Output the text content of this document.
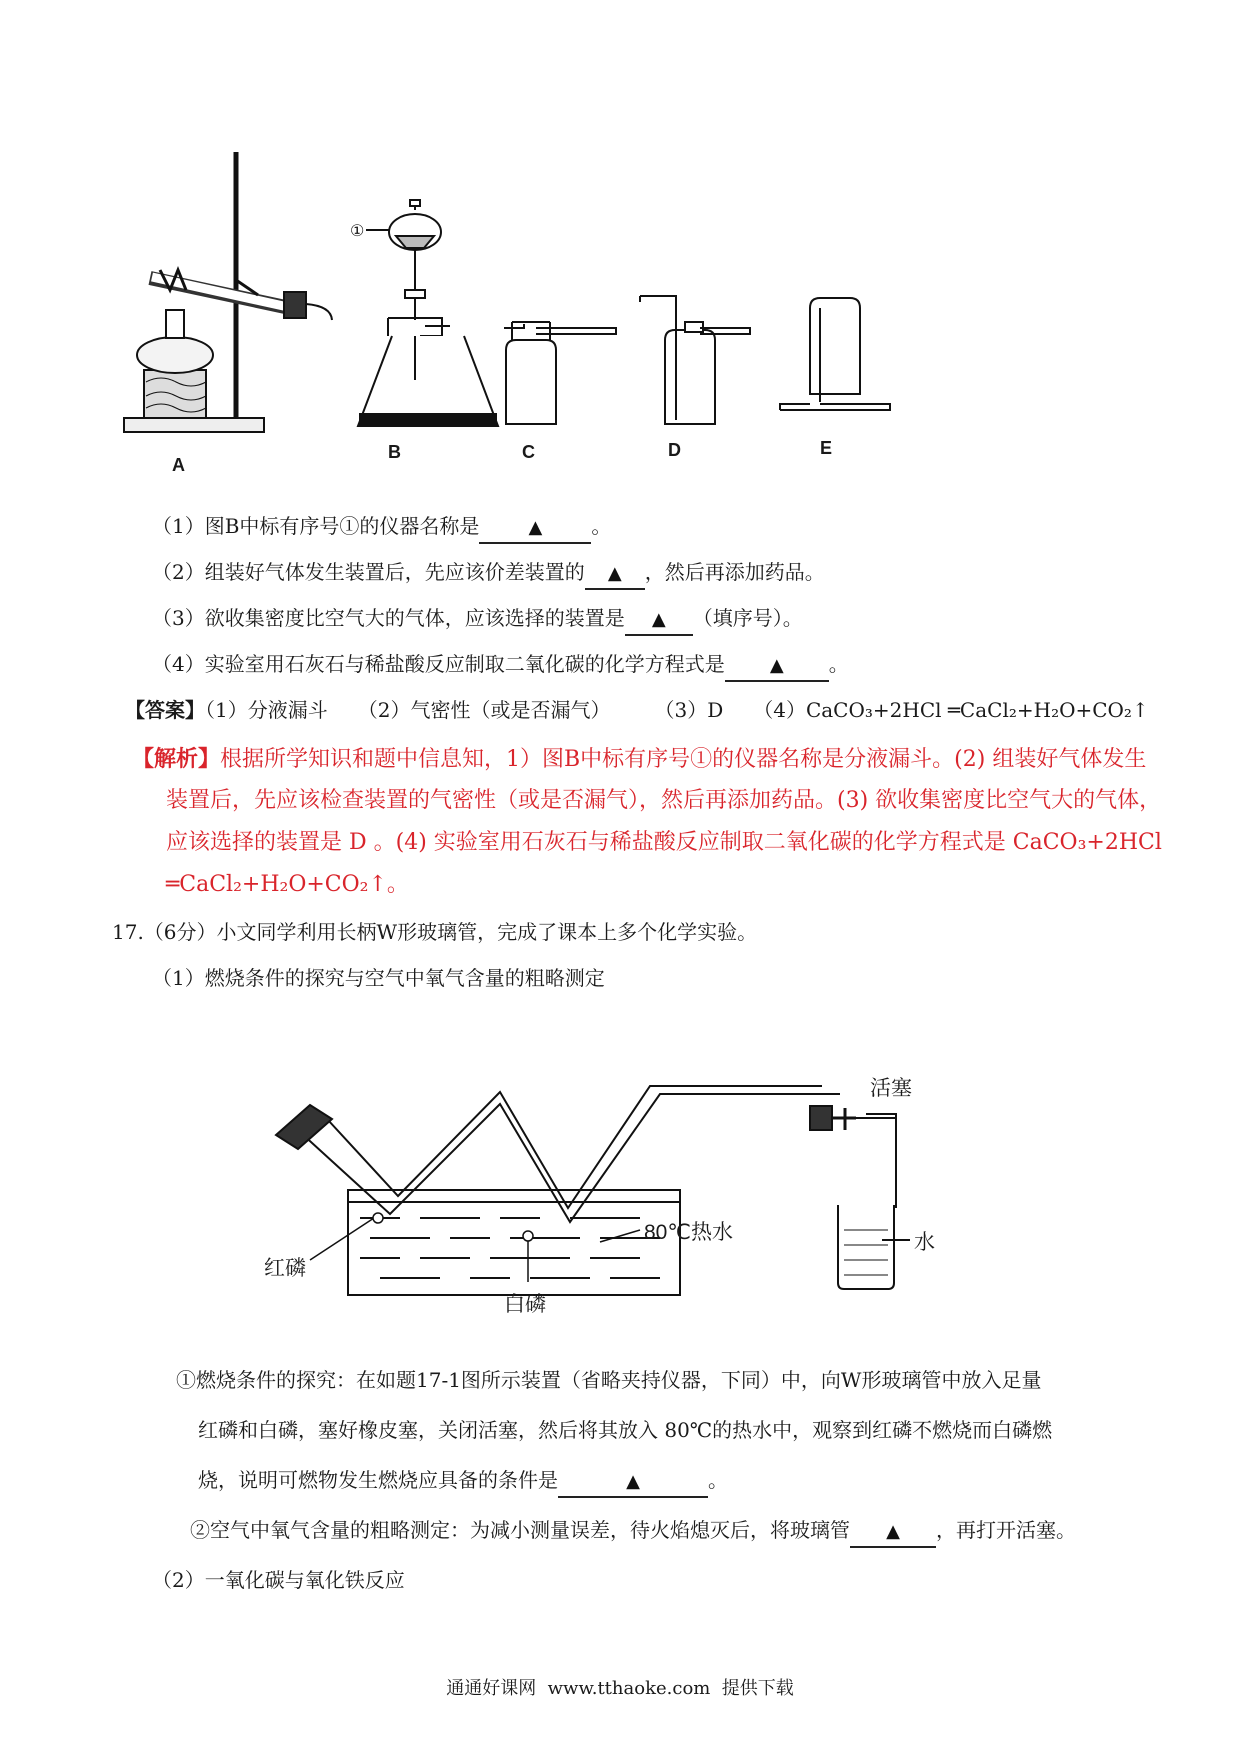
①
A
B	C	D	E
（1）图B中标有序号①的仪器名称是	▲ 。
（2）组装好气体发生装置后，先应该价差装置的 ▲ ，然后再添加药品。
（3）欲收集密度比空气大的气体，应该选择的装置是 ▲ （填序号）。
（4）实验室用石灰石与稀盐酸反应制取二氧化碳的化学方程式是	▲ 。
【答案】（1）分液漏斗 （2）气密性（或是否漏气） （3）D （4）CaCO₃+2HCl ═CaCl₂+H₂O+CO₂↑
【解析】根据所学知识和题中信息知，1）图B中标有序号①的仪器名称是分液漏斗。(2) 组装好气体发生
装置后，先应该检查装置的气密性（或是否漏气），然后再添加药品。(3) 欲收集密度比空气大的气体，
应该选择的装置是 D 。(4) 实验室用石灰石与稀盐酸反应制取二氧化碳的化学方程式是 CaCO₃+2HCl
═CaCl₂+H₂O+CO₂↑。
17.（6分）小文同学利用长柄W形玻璃管，完成了课本上多个化学实验。
（1）燃烧条件的探究与空气中氧气含量的粗略测定
活塞
水
红磷
白磷
80℃热水
①燃烧条件的探究：在如题17-1图所示装置（省略夹持仪器，下同）中，向W形玻璃管中放入足量
红磷和白磷，塞好橡皮塞，关闭活塞，然后将其放入 80℃的热水中，观察到红磷不燃烧而白磷燃
烧，说明可燃物发生燃烧应具备的条件是	▲	。
②空气中氧气含量的粗略测定：为减小测量误差，待火焰熄灭后，将玻璃管 ▲ ，再打开活塞。
（2）一氧化碳与氧化铁反应
通通好课网  www.tthaoke.com  提供下载
